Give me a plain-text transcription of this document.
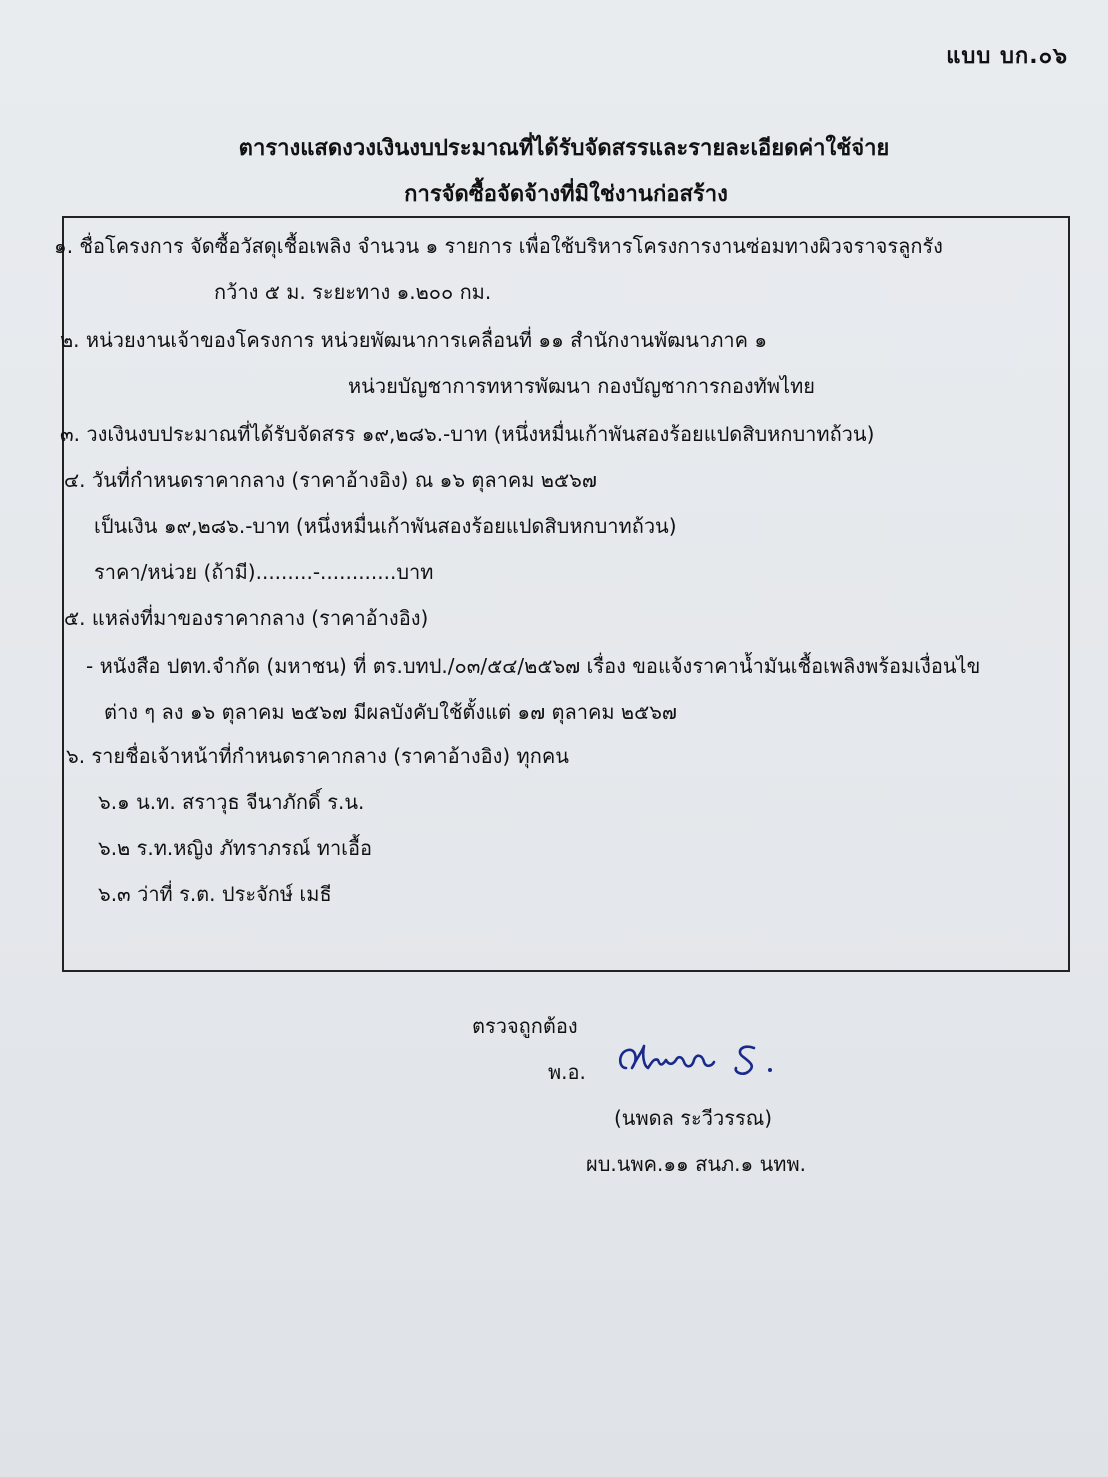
แบบ บก.๐๖
ตารางแสดงวงเงินงบประมาณที่ได้รับจัดสรรและรายละเอียดค่าใช้จ่าย
การจัดซื้อจัดจ้างที่มิใช่งานก่อสร้าง
๑. ชื่อโครงการ จัดซื้อวัสดุเชื้อเพลิง จำนวน ๑ รายการ เพื่อใช้บริหารโครงการงานซ่อมทางผิวจราจรลูกรัง
กว้าง ๕ ม. ระยะทาง ๑.๒๐๐ กม.
๒. หน่วยงานเจ้าของโครงการ หน่วยพัฒนาการเคลื่อนที่ ๑๑ สำนักงานพัฒนาภาค ๑
หน่วยบัญชาการทหารพัฒนา กองบัญชาการกองทัพไทย
๓. วงเงินงบประมาณที่ได้รับจัดสรร ๑๙,๒๘๖.-บาท (หนึ่งหมื่นเก้าพันสองร้อยแปดสิบหกบาทถ้วน)
๔. วันที่กำหนดราคากลาง (ราคาอ้างอิง) ณ ๑๖ ตุลาคม ๒๕๖๗
เป็นเงิน ๑๙,๒๘๖.-บาท (หนึ่งหมื่นเก้าพันสองร้อยแปดสิบหกบาทถ้วน)
ราคา/หน่วย (ถ้ามี).........-............บาท
๕. แหล่งที่มาของราคากลาง (ราคาอ้างอิง)
- หนังสือ ปตท.จำกัด (มหาชน) ที่ ตร.บทป./๐๓/๕๔/๒๕๖๗ เรื่อง ขอแจ้งราคาน้ำมันเชื้อเพลิงพร้อมเงื่อนไข
ต่าง ๆ ลง ๑๖ ตุลาคม ๒๕๖๗ มีผลบังคับใช้ตั้งแต่ ๑๗ ตุลาคม ๒๕๖๗
๖. รายชื่อเจ้าหน้าที่กำหนดราคากลาง (ราคาอ้างอิง) ทุกคน
๖.๑ น.ท. สราวุธ จีนาภักดิ์ ร.น.
๖.๒ ร.ท.หญิง ภัทราภรณ์ ทาเอื้อ
๖.๓ ว่าที่ ร.ต. ประจักษ์ เมธี
ตรวจถูกต้อง
พ.อ.
(นพดล ระวีวรรณ)
ผบ.นพค.๑๑ สนภ.๑ นทพ.
